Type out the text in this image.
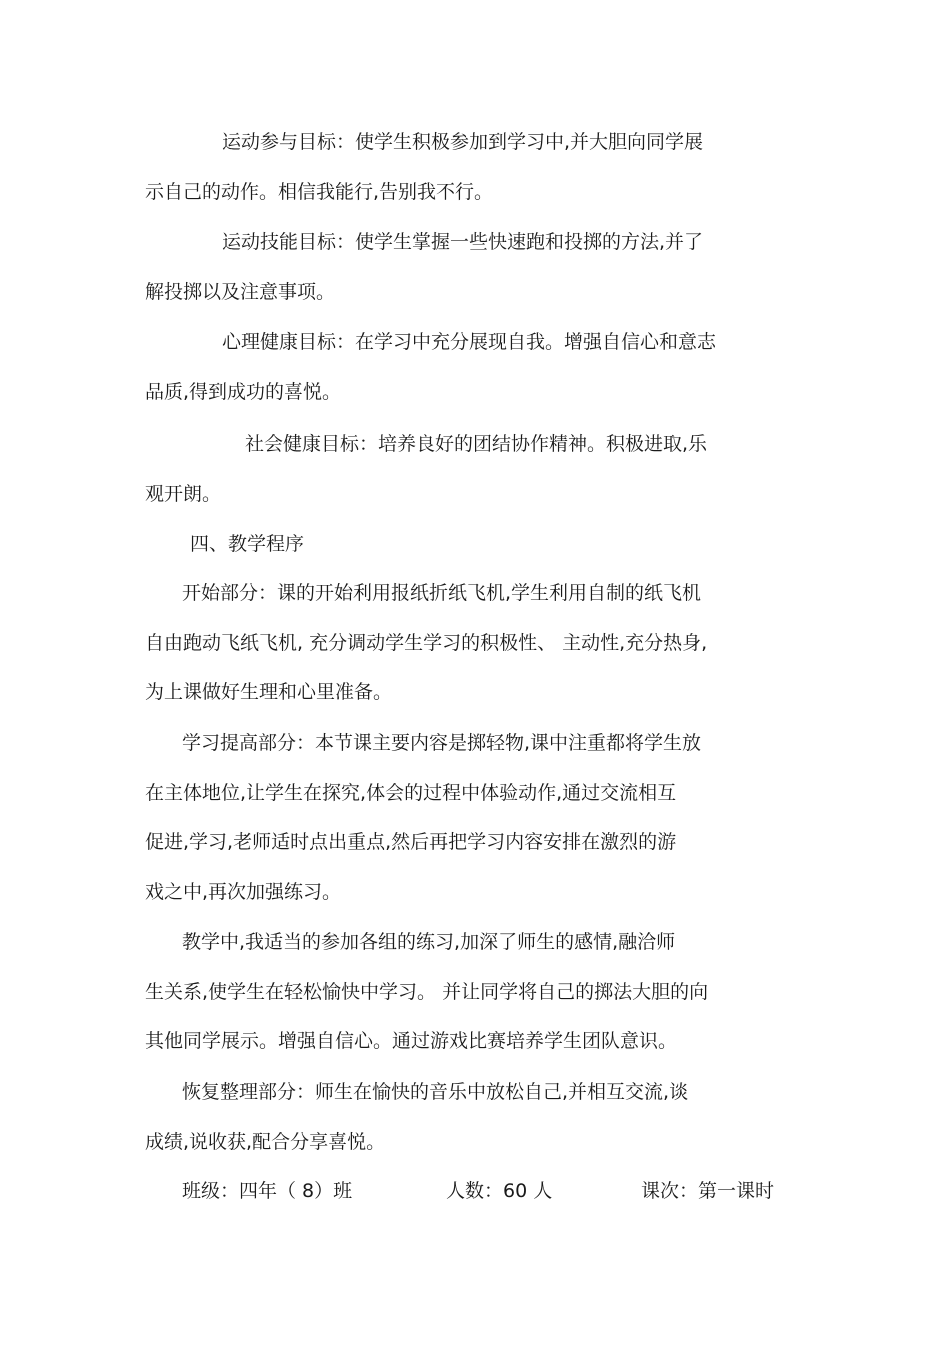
运动参与目标：使学生积极参加到学习中,并大胆向同学展

示自己的动作。相信我能行,告别我不行。

运动技能目标：使学生掌握一些快速跑和投掷的方法,并了

解投掷以及注意事项。

心理健康目标：在学习中充分展现自我。增强自信心和意志

品质,得到成功的喜悦。

社会健康目标：培养良好的团结协作精神。积极进取,乐

观开朗。

四、教学程序

开始部分：课的开始利用报纸折纸飞机,学生利用自制的纸飞机

自由跑动飞纸飞机, 充分调动学生学习的积极性、 主动性,充分热身,

为上课做好生理和心里准备。

学习提高部分：本节课主要内容是掷轻物,课中注重都将学生放

在主体地位,让学生在探究,体会的过程中体验动作,通过交流相互

促进,学习,老师适时点出重点,然后再把学习内容安排在激烈的游

戏之中,再次加强练习。

教学中,我适当的参加各组的练习,加深了师生的感情,融洽师

生关系,使学生在轻松愉快中学习。 并让同学将自己的掷法大胆的向

其他同学展示。增强自信心。通过游戏比赛培养学生团队意识。

恢复整理部分：师生在愉快的音乐中放松自己,并相互交流,谈

成绩,说收获,配合分享喜悦。

班级：四年（ 8）班	人数：60 人	课次：第一课时
